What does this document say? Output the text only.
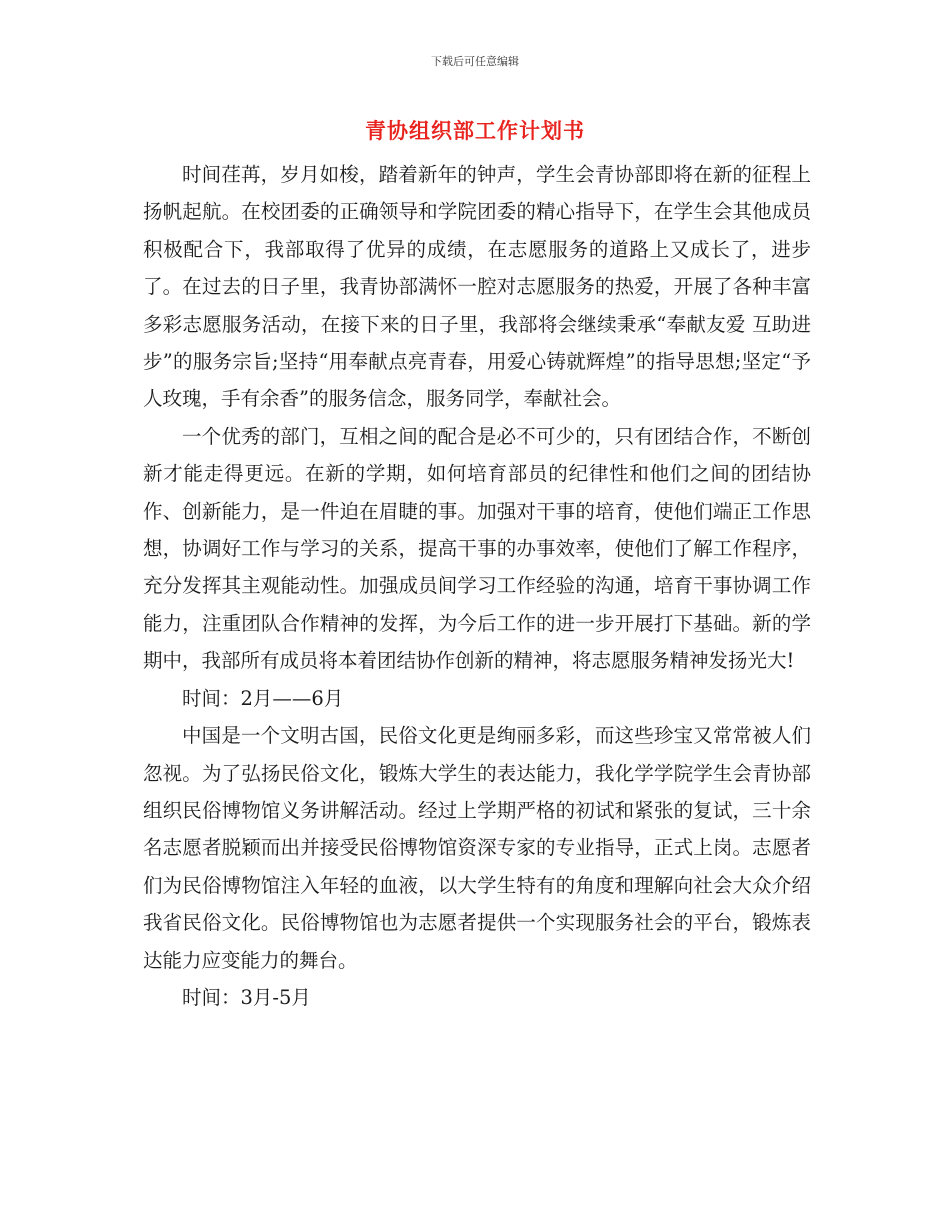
下载后可任意编辑
青协组织部工作计划书

时间荏苒，岁月如梭，踏着新年的钟声，学生会青协部即将在新的征程上扬帆起航。在校团委的正确领导和学院团委的精心指导下，在学生会其他成员积极配合下，我部取得了优异的成绩，在志愿服务的道路上又成长了，进步了。在过去的日子里，我青协部满怀一腔对志愿服务的热爱，开展了各种丰富多彩志愿服务活动，在接下来的日子里，我部将会继续秉承“奉献友爱 互助进步”的服务宗旨;坚持“用奉献点亮青春，用爱心铸就辉煌”的指导思想;坚定“予人玫瑰，手有余香”的服务信念，服务同学，奉献社会。

一个优秀的部门，互相之间的配合是必不可少的，只有团结合作，不断创新才能走得更远。在新的学期，如何培育部员的纪律性和他们之间的团结协作、创新能力，是一件迫在眉睫的事。加强对干事的培育，使他们端正工作思想，协调好工作与学习的关系，提高干事的办事效率，使他们了解工作程序，充分发挥其主观能动性。加强成员间学习工作经验的沟通，培育干事协调工作能力，注重团队合作精神的发挥，为今后工作的进一步开展打下基础。新的学期中，我部所有成员将本着团结协作创新的精神，将志愿服务精神发扬光大!

时间：2月——6月

中国是一个文明古国，民俗文化更是绚丽多彩，而这些珍宝又常常被人们忽视。为了弘扬民俗文化，锻炼大学生的表达能力，我化学学院学生会青协部组织民俗博物馆义务讲解活动。经过上学期严格的初试和紧张的复试，三十余名志愿者脱颖而出并接受民俗博物馆资深专家的专业指导，正式上岗。志愿者们为民俗博物馆注入年轻的血液，以大学生特有的角度和理解向社会大众介绍我省民俗文化。民俗博物馆也为志愿者提供一个实现服务社会的平台，锻炼表达能力应变能力的舞台。

时间：3月-5月
